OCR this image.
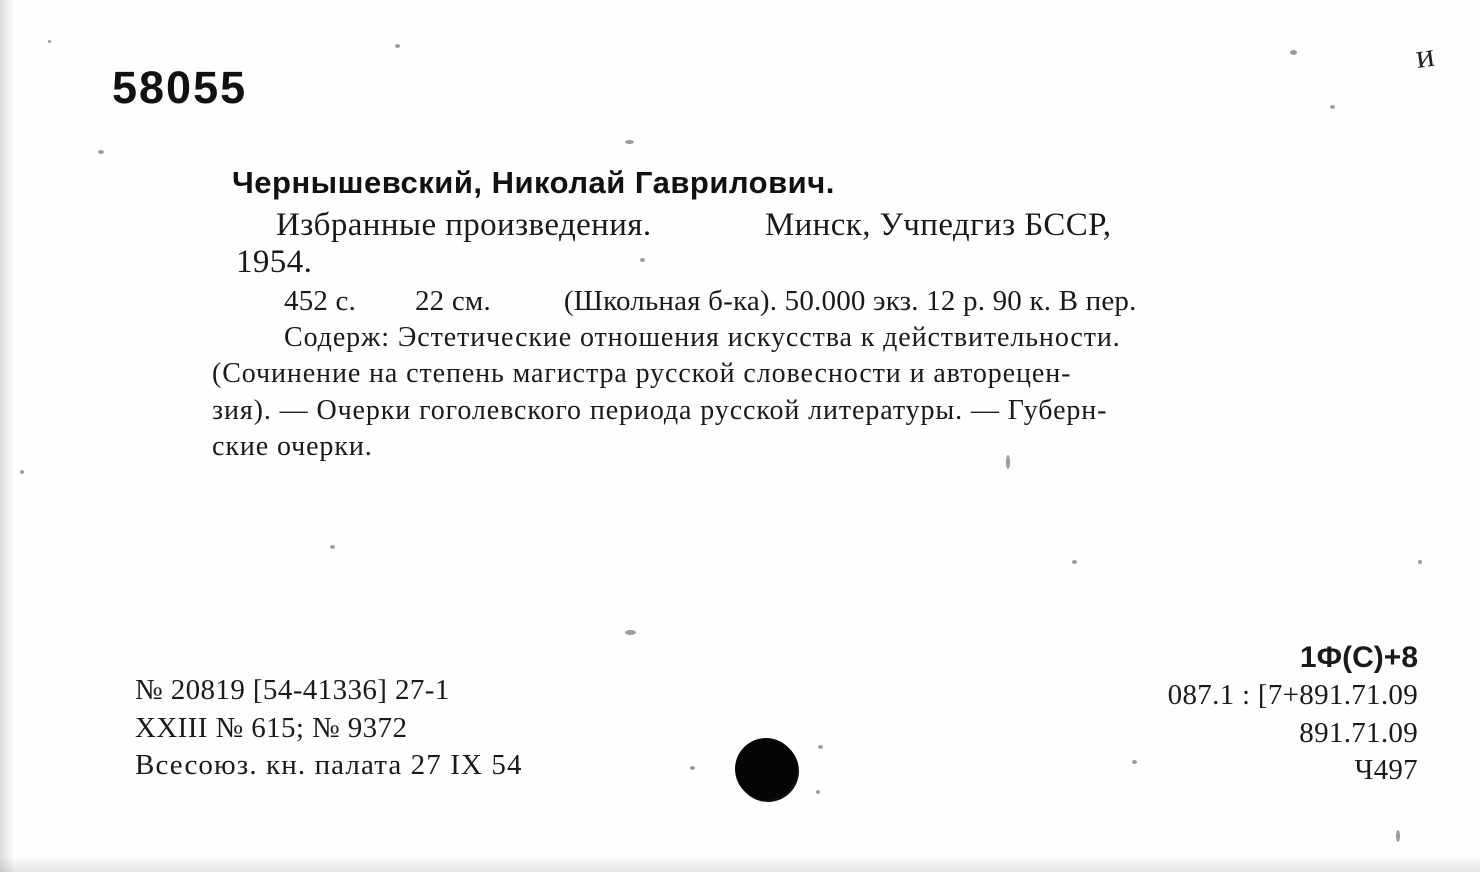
58055
и

Чернышевский, Николай Гаврилович.

Избранные произведения.	Минск, Учпедгиз БССР,

1954.

452 с. 22 см.	(Школьная б-ка). 50.000 экз. 12 р. 90 к. В пер.

Содерж: Эстетические отношения искусства к действительности.
(Сочинение на степень магистра русской словесности и авторецен-
зия). — Очерки гоголевского периода русской литературы. — Губерн-
ские очерки.
№ 20819 [54-41336] 27-1
XXIII № 615; № 9372
Всесоюз. кн. палата 27 IX 54
1Ф(С)+8
087.1 : [7+891.71.09
891.71.09
Ч497
